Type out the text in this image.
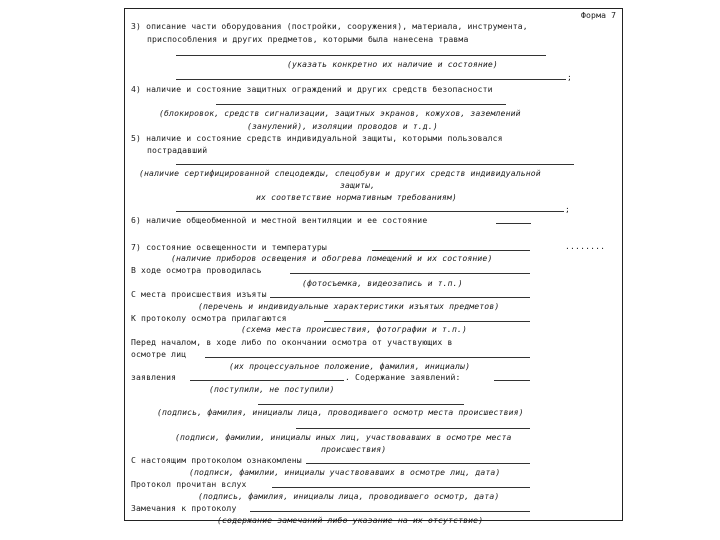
Форма 7

3) описание части оборудования (постройки, сооружения), материала, инструмента,

приспособления и других предметов, которыми была нанесена травма

(указать конкретно их наличие и состояние)

;

4) наличие и состояние защитных ограждений и других средств безопасности

(блокировок, средств сигнализации, защитных экранов, кожухов, заземлений

(занулений), изоляции проводов и т.д.)

5) наличие и состояние средств индивидуальной защиты, которыми пользовался

пострадавший

(наличие сертифицированной спецодежды, спецобуви и других средств индивидуальной

защиты,

их соответствие нормативным требованиям)

;

6) наличие общеобменной и местной вентиляции и ее состояние

7) состояние освещенности и температуры	........

(наличие приборов освещения и обогрева помещений и их состояние)

В ходе осмотра проводилась

(фотосъемка, видеозапись и т.п.)

С места происшествия изъяты

(перечень и индивидуальные характеристики изъятых предметов)

К протоколу осмотра прилагаются

(схема места происшествия, фотографии и т.п.)

Перед началом, в ходе либо по окончании осмотра от участвующих в

осмотре лиц

(их процессуальное положение, фамилия, инициалы)

заявления	. Содержание заявлений:

(поступили, не поступили)

(подпись, фамилия, инициалы лица, проводившего осмотр места происшествия)

(подписи, фамилии, инициалы иных лиц, участвовавших в осмотре места

происшествия)

С настоящим протоколом ознакомлены

(подписи, фамилии, инициалы участвовавших в осмотре лиц, дата)

Протокол прочитан вслух

(подпись, фамилия, инициалы лица, проводившего осмотр, дата)

Замечания к протоколу

(содержание замечаний либо указание на их отсутствие)
